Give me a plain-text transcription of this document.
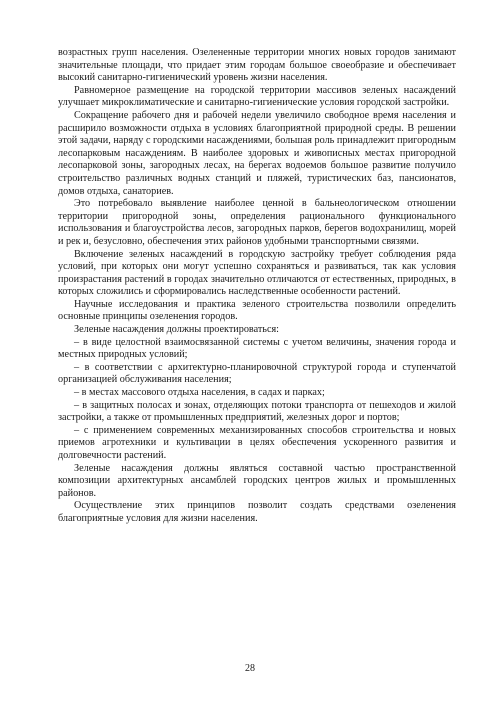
возрастных групп населения. Озелененные территории многих новых городов занимают значительные площади, что придает этим городам большое своеобразие и обеспечивает высокий санитарно-гигиенический уровень жизни населения.

Равномерное размещение на городской территории массивов зеленых насаждений улучшает микроклиматические и санитарно-гигиенические условия городской застройки.

Сокращение рабочего дня и рабочей недели увеличило свободное время населения и расширило возможности отдыха в условиях благоприятной природной среды. В решении этой задачи, наряду с городскими насаждениями, большая роль принадлежит пригородным лесопарковым насаждениям. В наиболее здоровых и живописных местах пригородной лесопарковой зоны, загородных лесах, на берегах водоемов большое развитие получило строительство различных водных станций и пляжей, туристических баз, пансионатов, домов отдыха, санаториев.

Это потребовало выявление наиболее ценной в бальнеологическом отношении территории пригородной зоны, определения рационального функционального использования и благоустройства лесов, загородных парков, берегов водохранилищ, морей и рек и, безусловно, обеспечения этих районов удобными транспортными связями.

Включение зеленых насаждений в городскую застройку требует соблюдения ряда условий, при которых они могут успешно сохраняться и развиваться, так как условия произрастания растений в городах значительно отличаются от естественных, природных, в которых сложились и сформировались наследственные особенности растений.

Научные исследования и практика зеленого строительства позволили определить основные принципы озеленения городов.

Зеленые насаждения должны проектироваться:

– в виде целостной взаимосвязанной системы с учетом величины, значения города и местных природных условий;

– в соответствии с архитектурно-планировочной структурой города и ступенчатой организацией обслуживания населения;

– в местах массового отдыха населения, в садах и парках;

– в защитных полосах и зонах, отделяющих потоки транспорта от пешеходов и жилой застройки, а также от промышленных предприятий, железных дорог и портов;

– с применением современных механизированных способов строительства и новых приемов агротехники и культивации в целях обеспечения ускоренного развития и долговечности растений.

Зеленые насаждения должны являться составной частью пространственной композиции архитектурных ансамблей городских центров жилых и промышленных районов.

Осуществление этих принципов позволит создать средствами озеленения благоприятные условия для жизни населения.

28
